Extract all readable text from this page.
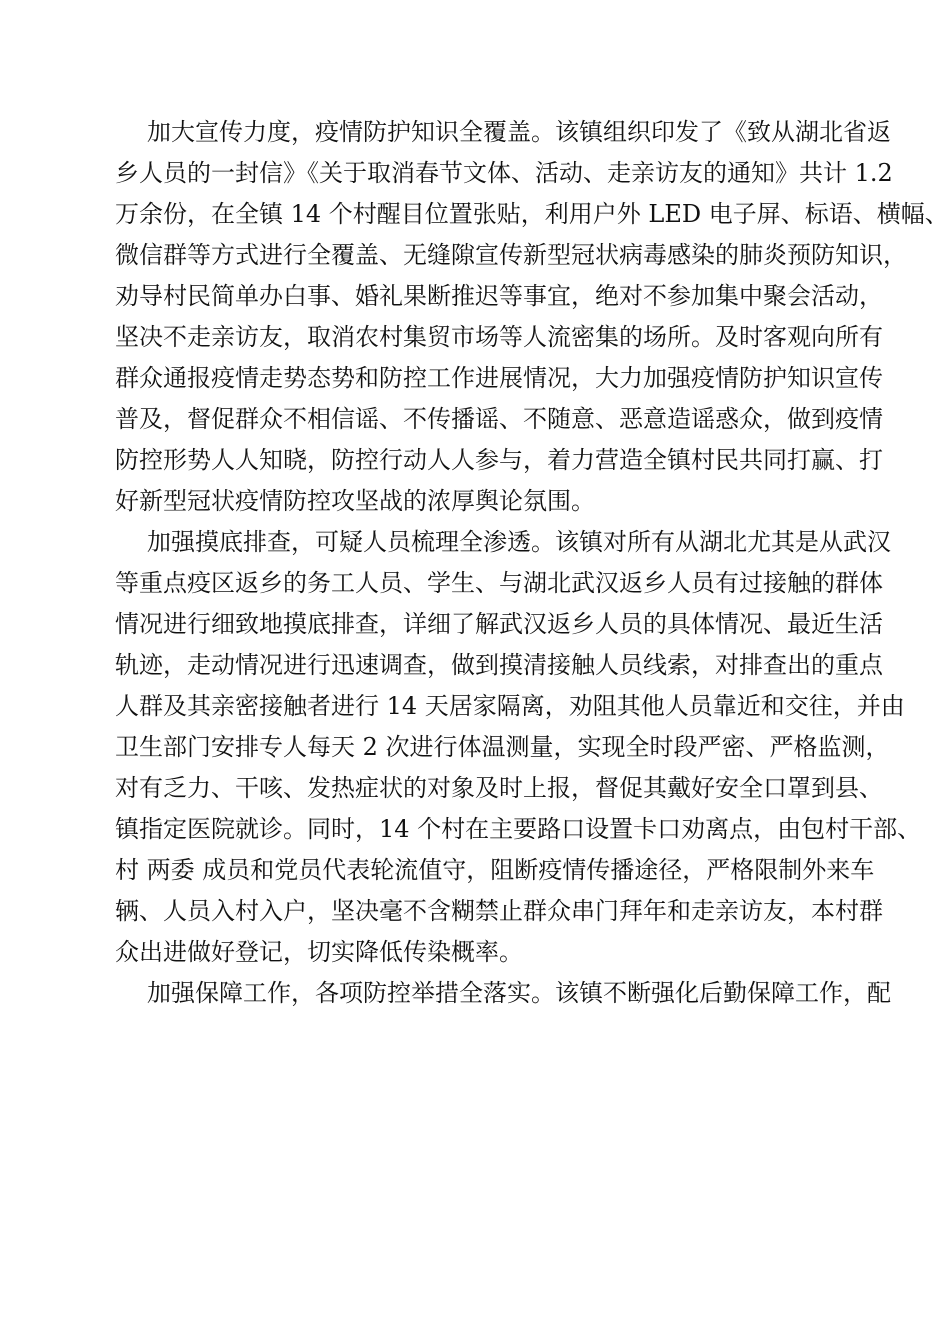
加大宣传力度，疫情防护知识全覆盖。该镇组织印发了《致从湖北省返
乡人员的一封信》《关于取消春节文体、活动、走亲访友的通知》共计 1.2
万余份，在全镇 14 个村醒目位置张贴，利用户外 LED 电子屏、标语、横幅、
微信群等方式进行全覆盖、无缝隙宣传新型冠状病毒感染的肺炎预防知识，
劝导村民简单办白事、婚礼果断推迟等事宜，绝对不参加集中聚会活动，
坚决不走亲访友，取消农村集贸市场等人流密集的场所。及时客观向所有
群众通报疫情走势态势和防控工作进展情况，大力加强疫情防护知识宣传
普及，督促群众不相信谣、不传播谣、不随意、恶意造谣惑众，做到疫情
防控形势人人知晓，防控行动人人参与，着力营造全镇村民共同打赢、打
好新型冠状疫情防控攻坚战的浓厚舆论氛围。
加强摸底排查，可疑人员梳理全渗透。该镇对所有从湖北尤其是从武汉
等重点疫区返乡的务工人员、学生、与湖北武汉返乡人员有过接触的群体
情况进行细致地摸底排查，详细了解武汉返乡人员的具体情况、最近生活
轨迹，走动情况进行迅速调查，做到摸清接触人员线索，对排查出的重点
人群及其亲密接触者进行 14 天居家隔离，劝阻其他人员靠近和交往，并由
卫生部门安排专人每天 2 次进行体温测量，实现全时段严密、严格监测，
对有乏力、干咳、发热症状的对象及时上报，督促其戴好安全口罩到县、
镇指定医院就诊。同时，14 个村在主要路口设置卡口劝离点，由包村干部、
村 两委 成员和党员代表轮流值守，阻断疫情传播途径，严格限制外来车
辆、人员入村入户，坚决毫不含糊禁止群众串门拜年和走亲访友，本村群
众出进做好登记，切实降低传染概率。
加强保障工作，各项防控举措全落实。该镇不断强化后勤保障工作，配
